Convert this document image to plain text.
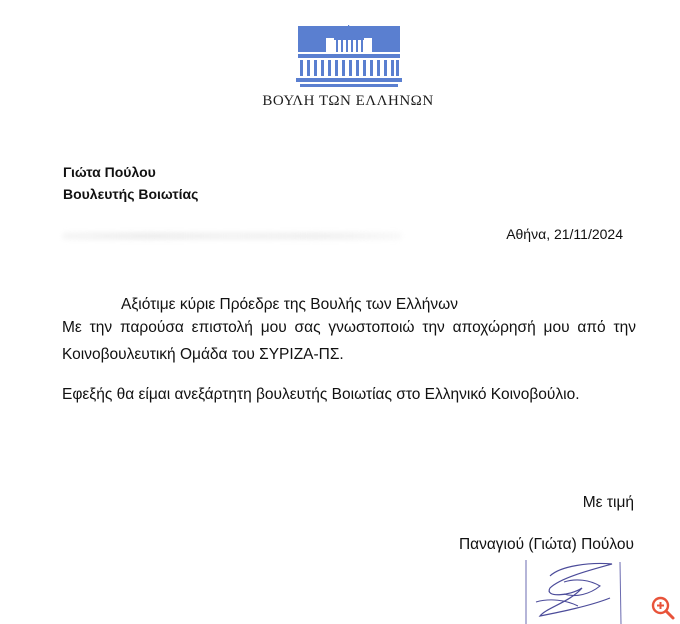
ΒΟΥΛΗ ΤΩΝ ΕΛΛΗΝΩΝ
Γιώτα Πούλου
Βουλευτής Βοιωτίας
Αθήνα, 21/11/2024
Αξιότιμε κύριε Πρόεδρε της Βουλής των Ελλήνων
Με την παρούσα επιστολή μου σας γνωστοποιώ την αποχώρησή μου από την Κοινοβουλευτική Ομάδα του ΣΥΡΙΖΑ-ΠΣ.
Εφεξής θα είμαι ανεξάρτητη βουλευτής Βοιωτίας στο Ελληνικό Κοινοβούλιο.
Με τιμή
Παναγιού (Γιώτα) Πούλου
